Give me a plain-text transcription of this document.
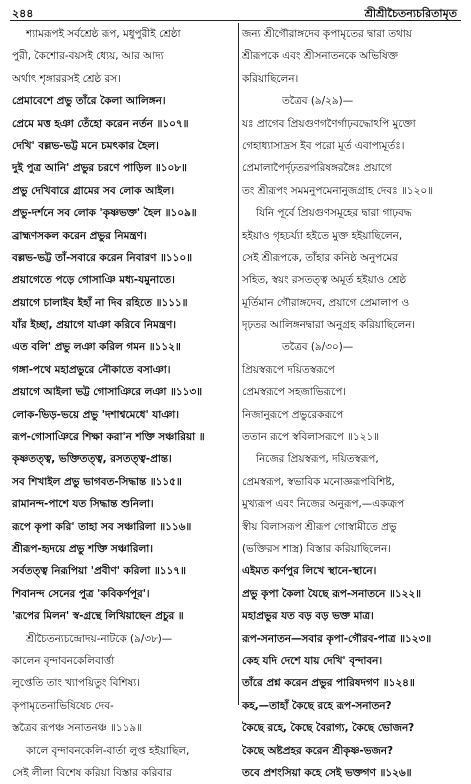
২৪৪	শ্রীশ্রীচৈতন্যচরিতামৃত
শ্যামরূপই সর্বশ্রেষ্ঠ রূপ, মধুপুরীই শ্রেষ্ঠা
পুরী, কৈশোর-বয়সই ধ্যেয়, আর আদ্য
অর্থাৎ শৃঙ্গাররসই শ্রেষ্ঠ রস।
প্রেমাবেশে প্রভু তাঁরে কৈলা আলিঙ্গন।
প্রেমে মত্ত হঞা তেঁহো করেন নর্তন ॥১০৭॥
দেখি' বল্লভ-ভট্ট মনে চমৎকার হৈল।
দুই পুত্র আনি' প্রভুর চরণে পাড়িল ॥১০৮॥
প্রভু দেখিবারে গ্রামের সব লোক আইল।
প্রভু-দর্শনে সব লোক 'কৃষ্ণভক্ত' হৈল ॥১০৯॥
ব্রাহ্মণসকল করেন প্রভুর নিমন্ত্রণ।
বল্লভ-ভট্ট তাঁ-সবারে করেন নিবারণ ॥১১০॥
প্রয়াগেতে পড়ে গোসাঞি মধ্য-যমুনাতে।
প্রয়াগে চালাইব ইহাঁ না দিব রহিতে ॥১১১॥
যাঁর ইচ্ছা, প্রয়াগে যাঞা করিবে নিমন্ত্রণ।
এত বলি' প্রভু লঞা করিল গমন ॥১১২॥
গঙ্গা-পথে মহাপ্রভুরে নৌকাতে বসাঞা।
প্রয়াগে আইলা ভট্ট গোসাঞিরে লঞা ॥১১৩॥
লোক-ভিড়-ভয়ে প্রভু 'দশাশ্বমেধে' যাঞা।
রূপ-গোসাঞিরে শিক্ষা করা'ন শক্তি সঞ্চারিয়া ॥
কৃষ্ণতত্ত্ব, ভক্তিতত্ত্ব, রসতত্ত্ব-প্রান্ত।
সব শিখাইল প্রভু ভাগবত-সিদ্ধান্ত ॥১১৫॥
রামানন্দ-পাশে যত সিদ্ধান্ত শুনিলা।
রূপে কৃপা করি' তাহা সব সঞ্চারিলা ॥১১৬॥
শ্রীরূপ-হৃদয়ে প্রভু শক্তি সঞ্চারিলা।
সর্বতত্ত্ব নিরূপিয়া 'প্রবীণ' করিলা ॥১১৭॥
শিবানন্দ সেনের পুত্র 'কবিকর্ণপূর'।
'রূপের মিলন' স্ব-গ্রন্থে লিখিয়াছেন প্রচুর ॥
শ্রীচৈতন্যচন্দ্রোদয়-নাটকে (৯/৩৮)—
কালেন বৃন্দাবনকেলিবার্ত্তা
লুপ্তেতি তাং খ্যাপয়িতুং বিশিষ্য।
কৃপামৃতেনাভিষিষেচ দেব-
স্তত্রৈব রূপঞ্চ সনাতনঞ্চ ॥১১৯॥
কালে বৃন্দাবনকেলি-বার্তা লুপ্ত হইয়াছিল,
সেই লীলা বিশেষ করিয়া বিস্তার করিবার
জন্য শ্রীগৌরাঙ্গদেব কৃপামৃতের দ্বারা তথায়
শ্রীরূপকে এবং শ্রীসনাতনকে অভিষিক্ত
করিয়াছিলেন।
তত্রৈব (৯/২৯)—
যঃ প্রাগেব প্রিয়গুণগণৈর্গাঢ়বদ্ধোঽপি মুক্তো
গেহাধ্যাসাদ্রস ইব পরো মূর্ত এবাপ্যমূর্তঃ।
প্রেমালাপৈর্দৃঢ়তরপরিষঙ্গরঙ্গৈঃ প্রয়াগে
তং শ্রীরূপং সমমনুপমেনানুজগ্রাহ দেবঃ ॥১২০॥
যিনি পূর্বে প্রিয়গুণসমূহের দ্বারা গাঢ়বদ্ধ
হইয়াও গৃহচর্য্যা হইতে মুক্ত হইয়াছিলেন,
সেই শ্রীরূপকে, তাঁহার কনিষ্ঠ অনুপমের
সহিত, স্বয়ং রসতত্ত্ব অমূর্ত হইয়াও শ্রেষ্ঠ
মূর্তিমান গৌরাঙ্গদেব, প্রয়াগে প্রেমালাপ ও
দৃঢ়তর আলিঙ্গনদ্বারা অনুগ্রহ করিয়াছিলেন।
তত্রৈব (৯/৩০)—
প্রিয়স্বরূপে দয়িতস্বরূপে
প্রেমস্বরূপে সহজাভিরূপে।
নিজানুরূপে প্রভুরেকরূপে
ততান রূপে স্ববিলাসরূপে ॥১২১॥
নিজের প্রিয়স্বরূপ, দয়িতস্বরূপ,
প্রেমস্বরূপ, স্বভাবিক মনোজ্ঞরূপবিশিষ্ট,
মুখ্যরূপ এবং নিজের অনুরূপ,—একত্রূপ
স্বীয় বিলাসরূপ শ্রীরূপ গোস্বামীতে প্রভু
(ভক্তিরস শাস্ত্র) বিস্তার করিয়াছিলেন।
এইমত কর্ণপুর লিখে স্থানে-স্থানে।
প্রভু কৃপা কৈলা যৈছে রূপ-সনাতনে ॥১২২॥
মহাপ্রভুর যত বড় বড় ভক্ত মাত্র।
রূপ-সনাতন—সবার কৃপা-গৌরব-পাত্র ॥১২৩॥
কেহ যদি দেশে যায় দেখি' বৃন্দাবন।
তাঁরে প্রশ্ন করেন প্রভুর পারিষদগণ ॥১২৪॥
কহ,—তাহাঁ কৈছে রহে রূপ-সনাতন?
কৈছে রহে, কৈছে বৈরাগ্য, কৈছে ভোজন?
কৈছে অষ্টপ্রহর করেন শ্রীকৃষ্ণ-ভজন?
তবে প্রশংসিয়া কহে সেই ভক্তগণ ॥১২৬॥
